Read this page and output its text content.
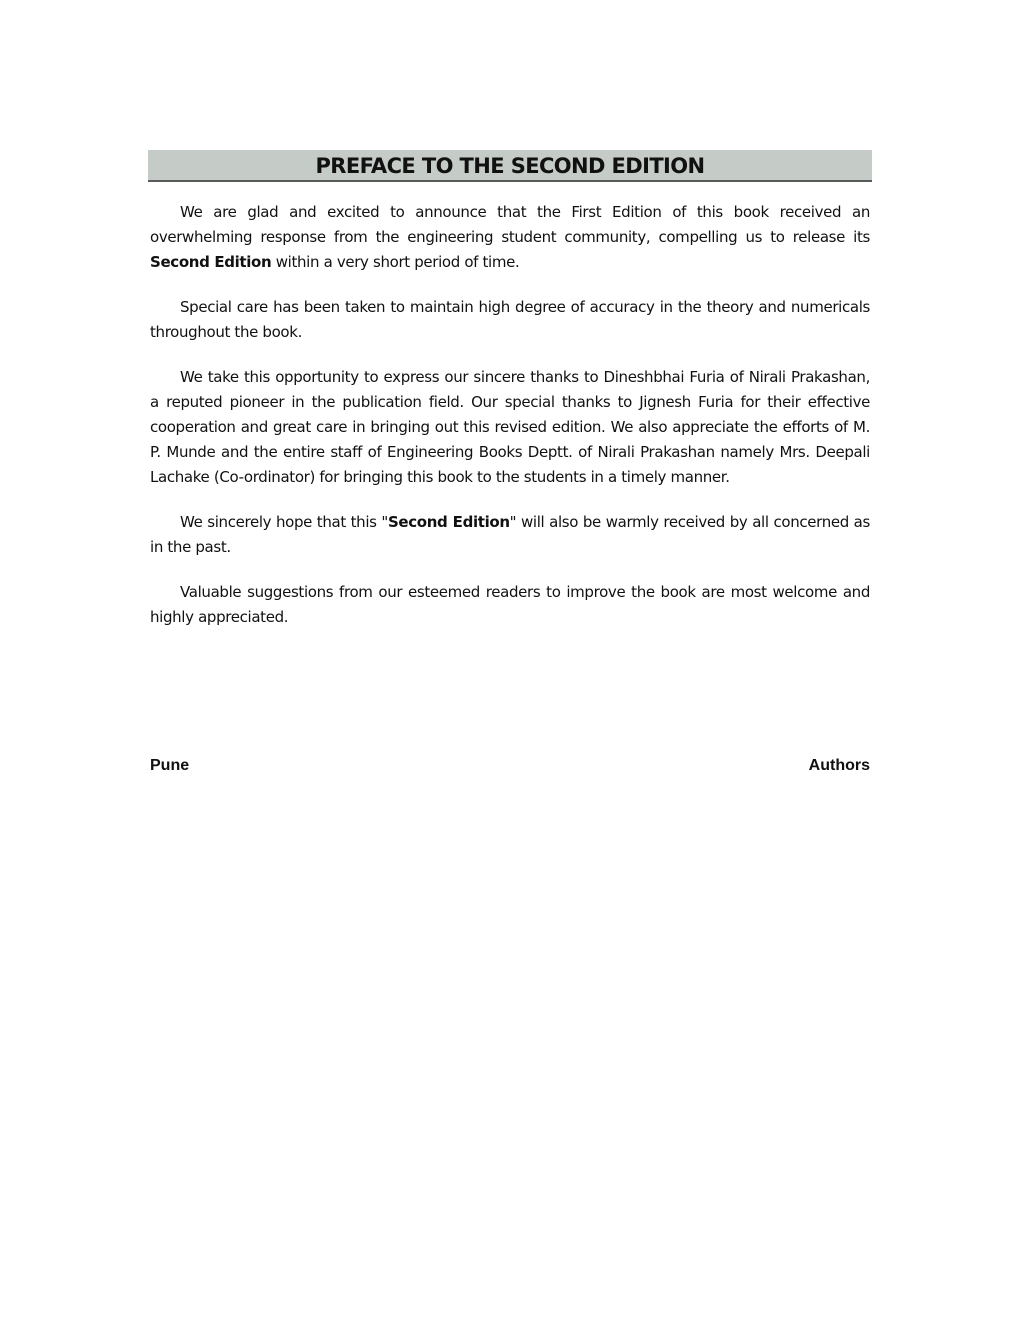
PREFACE TO THE SECOND EDITION

We are glad and excited to announce that the First Edition of this book received an overwhelming response from the engineering student community, compelling us to release its Second Edition within a very short period of time.

Special care has been taken to maintain high degree of accuracy in the theory and numericals throughout the book.

We take this opportunity to express our sincere thanks to Dineshbhai Furia of Nirali Prakashan, a reputed pioneer in the publication field. Our special thanks to Jignesh Furia for their effective cooperation and great care in bringing out this revised edition. We also appreciate the efforts of M. P. Munde and the entire staff of Engineering Books Deptt. of Nirali Prakashan namely Mrs. Deepali Lachake (Co-ordinator) for bringing this book to the students in a timely manner.

We sincerely hope that this "Second Edition" will also be warmly received by all concerned as in the past.

Valuable suggestions from our esteemed readers to improve the book are most welcome and highly appreciated.

Pune	Authors
